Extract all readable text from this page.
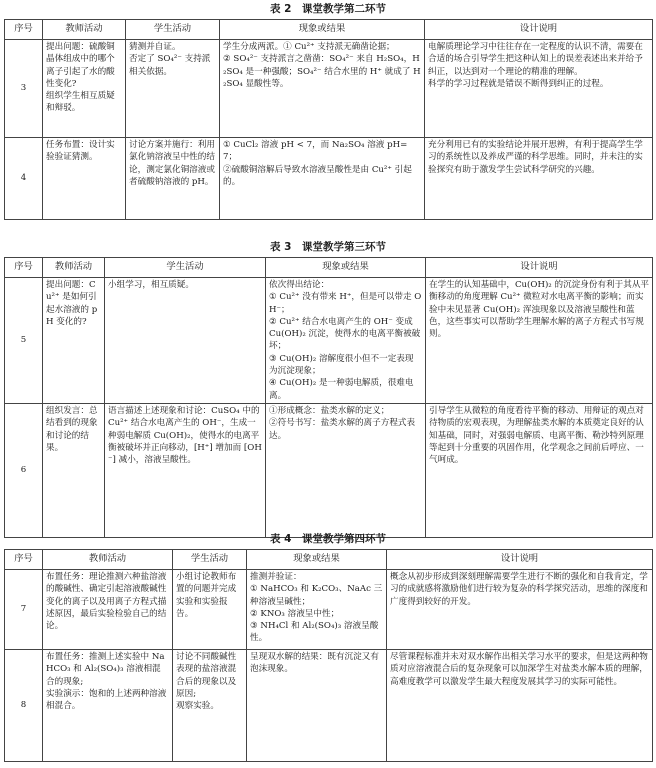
表 2　课堂教学第二环节
序号	教师活动	学生活动	现象或结果	设计说明
3	提出问题：硫酸铜晶体组成中的哪个离子引起了水的酸性变化?
组织学生相互质疑和辩驳。	猜测并自证。
否定了 SO₄²⁻ 支持派相关依据。	学生分成两派。① Cu²⁺ 支持派无确凿论据；
② SO₄²⁻ 支持派言之凿凿：SO₄²⁻ 来自 H₂SO₄，H₂SO₄ 是一种强酸；SO₄²⁻ 结合水里的 H⁺ 就成了 H₂SO₄ 显酸性等。	电解质理论学习中往往存在一定程度的认识不清，需要在合适的场合引导学生把这种认知上的误差表述出来并给予纠正，以达到对一个理论的精准的理解。
科学的学习过程就是错误不断得到纠正的过程。

4	任务布置：设计实验验证猜测。	讨论方案并施行：利用氯化钠溶液呈中性的结论，测定氯化铜溶液或者硫酸钠溶液的 pH。	① CuCl₂ 溶液 pH < 7，而 Na₂SO₄ 溶液 pH=7；
②硫酸铜溶解后导致水溶液呈酸性是由 Cu²⁺ 引起的。	充分利用已有的实验结论并展开思辨，有利于提高学生学习的系统性以及养成严谨的科学思维。同时，并未注的实验探究有助于激发学生尝试科学研究的兴趣。
表 3　课堂教学第三环节
序号	教师活动	学生活动	现象或结果	设计说明
5	提出问题：Cu²⁺ 是如何引起水溶液的 pH 变化的?	小组学习，相互质疑。	依次得出结论：
① Cu²⁺ 没有带来 H⁺，但是可以带走 OH⁻；
② Cu²⁺ 结合水电离产生的 OH⁻ 变成 Cu(OH)₂ 沉淀，使得水的电离平衡被破坏；
③ Cu(OH)₂ 溶解度很小但不一定表现为沉淀现象；
④ Cu(OH)₂ 是一种弱电解质，很难电离。	在学生的认知基础中，Cu(OH)₂ 的沉淀身份有利于其从平衡移动的角度理解 Cu²⁺ 微粒对水电离平衡的影响；而实验中未见显著 Cu(OH)₂ 浑浊现象以及溶液呈酸性和蓝色，这些事实可以帮助学生理解水解的离子方程式书写规则。

6	组织发言：总结看到的现象和讨论的结果。	语言描述上述现象和讨论：CuSO₄ 中的 Cu²⁺ 结合水电离产生的 OH⁻，生成一种弱电解质 Cu(OH)₂，使得水的电离平衡被破坏并正向移动，[H⁺] 增加而 [OH⁻] 减小，溶液呈酸性。	①形成概念：盐类水解的定义；
②符号书写：盐类水解的离子方程式表达。	引导学生从微粒的角度看待平衡的移动、用辩证的观点对待物质的宏观表现，为理解盐类水解的本质奠定良好的认知基础，同时，对强弱电解质、电离平衡、勒沙特列原理等起到十分重要的巩固作用，化学观念之间前后呼应、一气呵成。
表 4　课堂教学第四环节
序号	教师活动	学生活动	现象或结果	设计说明
7	布置任务：理论推测六种盐溶液的酸碱性、确定引起溶液酸碱性变化的离子以及用离子方程式描述原因，最后实验检验自己的结论。	小组讨论教师布置的问题并完成实验和实验报告。	推测并验证：
① NaHCO₃ 和 K₂CO₃、NaAc 三种溶液呈碱性；
② KNO₃ 溶液呈中性；
③ NH₄Cl 和 Al₂(SO₄)₃ 溶液呈酸性。	概念从初步形成到深刻理解需要学生进行不断的强化和自我肯定，学习的成就感将激励他们进行较为复杂的科学探究活动，思维的深度和广度得到较好的开发。

8	布置任务：推测上述实验中 NaHCO₃ 和 Al₂(SO₄)₃ 溶液相混合的现象;
实验演示：饱和的上述两种溶液相混合。	讨论不同酸碱性表现的盐溶液混合后的现象以及原因;
观察实验。	呈现双水解的结果：既有沉淀又有泡沫现象。	尽管课程标准并未对双水解作出相关学习水平的要求，但是这两种物质对应溶液混合后的复杂现象可以加深学生对盐类水解本质的理解，高难度教学可以激发学生最大程度发展其学习的实际可能性。
